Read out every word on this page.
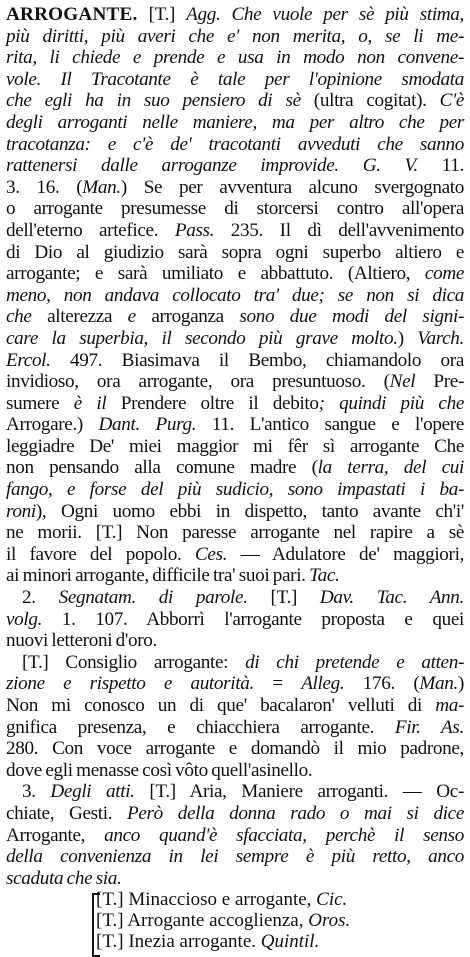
ARROGANTE. [T.] Agg. Che vuole per sè più stima,
più diritti, più averi che e' non merita, o, se li me-
rita, li chiede e prende e usa in modo non convene-
vole. Il Tracotante è tale per l'opinione smodata
che egli ha in suo pensiero di sè (ultra cogitat). C'è
degli arroganti nelle maniere, ma per altro che per
tracotanza: e c'è de' tracotanti avveduti che sanno
rattenersi dalle arroganze improvide. G. V. 11.
3. 16. (Man.) Se per avventura alcuno svergognato
o arrogante presumesse di storcersi contro all'opera
dell'eterno artefice. Pass. 235. Il dì dell'avvenimento
di Dio al giudizio sarà sopra ogni superbo altiero e
arrogante; e sarà umiliato e abbattuto. (Altiero, come
meno, non andava collocato tra' due; se non si dica
che alterezza e arroganza sono due modi del signi-
care la superbia, il secondo più grave molto.) Varch.
Ercol. 497. Biasimava il Bembo, chiamandolo ora
invidioso, ora arrogante, ora presuntuoso. (Nel Pre-
sumere è il Prendere oltre il debito; quindi più che
Arrogare.) Dant. Purg. 11. L'antico sangue e l'opere
leggiadre De' miei maggior mi fêr sì arrogante Che
non pensando alla comune madre (la terra, del cui
fango, e forse del più sudicio, sono impastati i ba-
roni), Ogni uomo ebbi in dispetto, tanto avante ch'i'
ne morii. [T.] Non paresse arrogante nel rapire a sè
il favore del popolo. Ces. — Adulatore de' maggiori,
ai minori arrogante, difficile tra' suoi pari. Tac.
2. Segnatam. di parole. [T.] Dav. Tac. Ann.
volg. 1. 107. Abborrì l'arrogante proposta e quei
nuovi letteroni d'oro.
[T.] Consiglio arrogante: di chi pretende e atten-
zione e rispetto e autorità. = Alleg. 176. (Man.)
Non mi conosco un di que' bacalaron' velluti di ma-
gnifica presenza, e chiacchiera arrogante. Fir. As.
280. Con voce arrogante e domandò il mio padrone,
dove egli menasse così vôto quell'asinello.
3. Degli atti. [T.] Aria, Maniere arroganti. — Oc-
chiate, Gesti. Però della donna rado o mai si dice
Arrogante, anco quand'è sfacciata, perchè il senso
della convenienza in lei sempre è più retto, anco
scaduta che sia.
[T.] Minaccioso e arrogante, Cic.
[T.] Arrogante accoglienza, Oros.
[T.] Inezia arrogante. Quintil.
